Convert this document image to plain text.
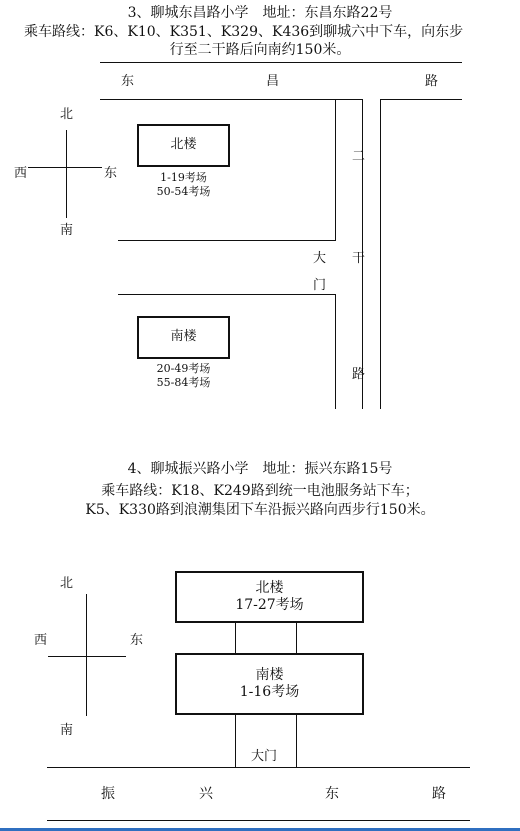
3、聊城东昌路小学　地址：东昌东路22号
乘车路线：K6、K10、K351、K329、K436到聊城六中下车，向东步
行至二干路后向南约150米。
东	昌	路
二
干
路
大
门
北
南
西	东
北楼
1-19考场
50-54考场
南楼
20-49考场
55-84考场
4、聊城振兴路小学　地址：振兴东路15号
乘车路线：K18、K249路到统一电池服务站下车；
K5、K330路到浪潮集团下车沿振兴路向西步行150米。
北
南
西	东
北楼
17-27考场
南楼
1-16考场
大门
振	兴	东	路
